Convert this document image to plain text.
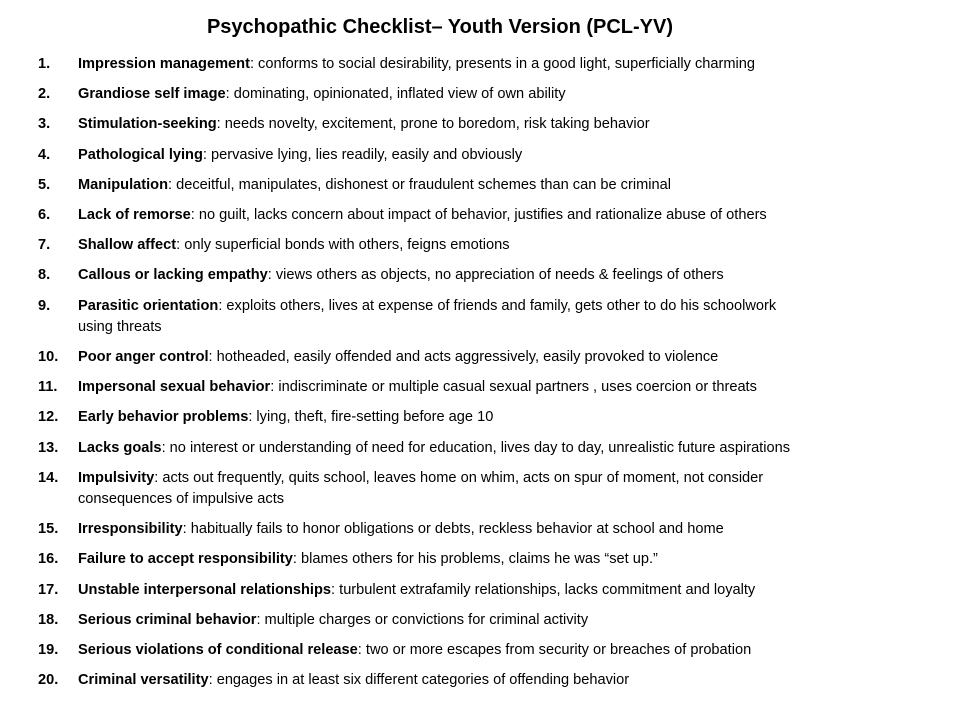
Psychopathic Checklist– Youth Version (PCL-YV)
1.	Impression management: conforms to social desirability, presents in a good light, superficially charming
2.	Grandiose self image: dominating, opinionated, inflated view of own ability
3.	Stimulation-seeking: needs novelty, excitement, prone to boredom, risk taking behavior
4.	Pathological lying: pervasive lying, lies readily, easily and obviously
5.	Manipulation: deceitful, manipulates, dishonest or fraudulent schemes than can be criminal
6.	Lack of remorse: no guilt, lacks concern about impact of behavior, justifies and rationalize abuse of others
7.	Shallow affect: only superficial bonds with others, feigns emotions
8.	Callous or lacking empathy: views others as objects, no appreciation of needs & feelings of others
9.	Parasitic orientation: exploits others, lives at expense of friends and family, gets other to do his schoolwork
using threats
10.	Poor anger control: hotheaded, easily offended and acts aggressively, easily provoked to violence
11.	Impersonal sexual behavior: indiscriminate or multiple casual sexual partners , uses coercion or threats
12.	Early behavior problems: lying, theft, fire-setting before age 10
13.	Lacks goals: no interest or understanding of need for education, lives day to day, unrealistic future aspirations
14.	Impulsivity: acts out frequently, quits school, leaves home on whim, acts on spur of moment, not consider
consequences of impulsive acts
15.	Irresponsibility: habitually fails to honor obligations or debts, reckless behavior at school and home
16.	Failure to accept responsibility: blames others for his problems, claims he was “set up.”
17.	Unstable interpersonal relationships: turbulent extrafamily relationships, lacks commitment and loyalty
18.	Serious criminal behavior: multiple charges or convictions for criminal activity
19.	Serious violations of conditional release: two or more escapes from security or breaches of probation
20.	Criminal versatility: engages in at least six different categories of offending behavior
